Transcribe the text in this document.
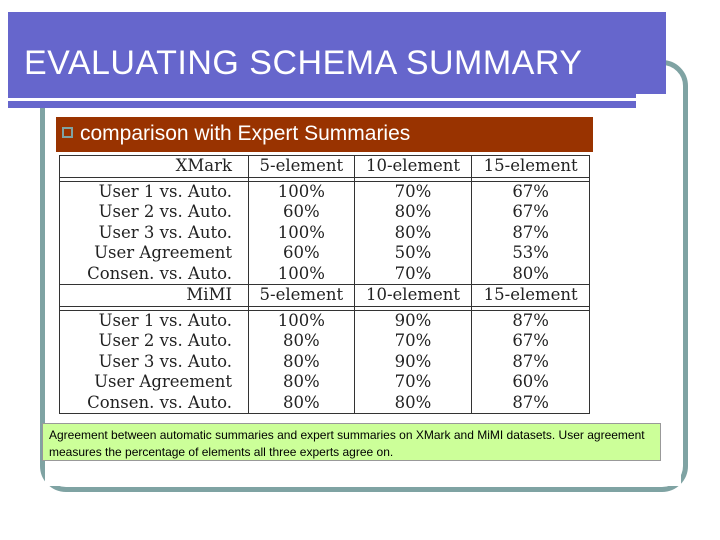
EVALUATING SCHEMA SUMMARY
comparison with Expert Summaries
XMark	5-element	10-element	15-element

User 1 vs. Auto.	100%	70%	67%
User 2 vs. Auto.	60%	80%	67%
User 3 vs. Auto.	100%	80%	87%
User Agreement	60%	50%	53%
Consen. vs. Auto.	100%	70%	80%
MiMI	5-element	10-element	15-element

User 1 vs. Auto.	100%	90%	87%
User 2 vs. Auto.	80%	70%	67%
User 3 vs. Auto.	80%	90%	87%
User Agreement	80%	70%	60%
Consen. vs. Auto.	80%	80%	87%
Agreement between automatic summaries and expert summaries on XMark and MiMI datasets. User agreement measures the percentage of elements all three experts agree on.
